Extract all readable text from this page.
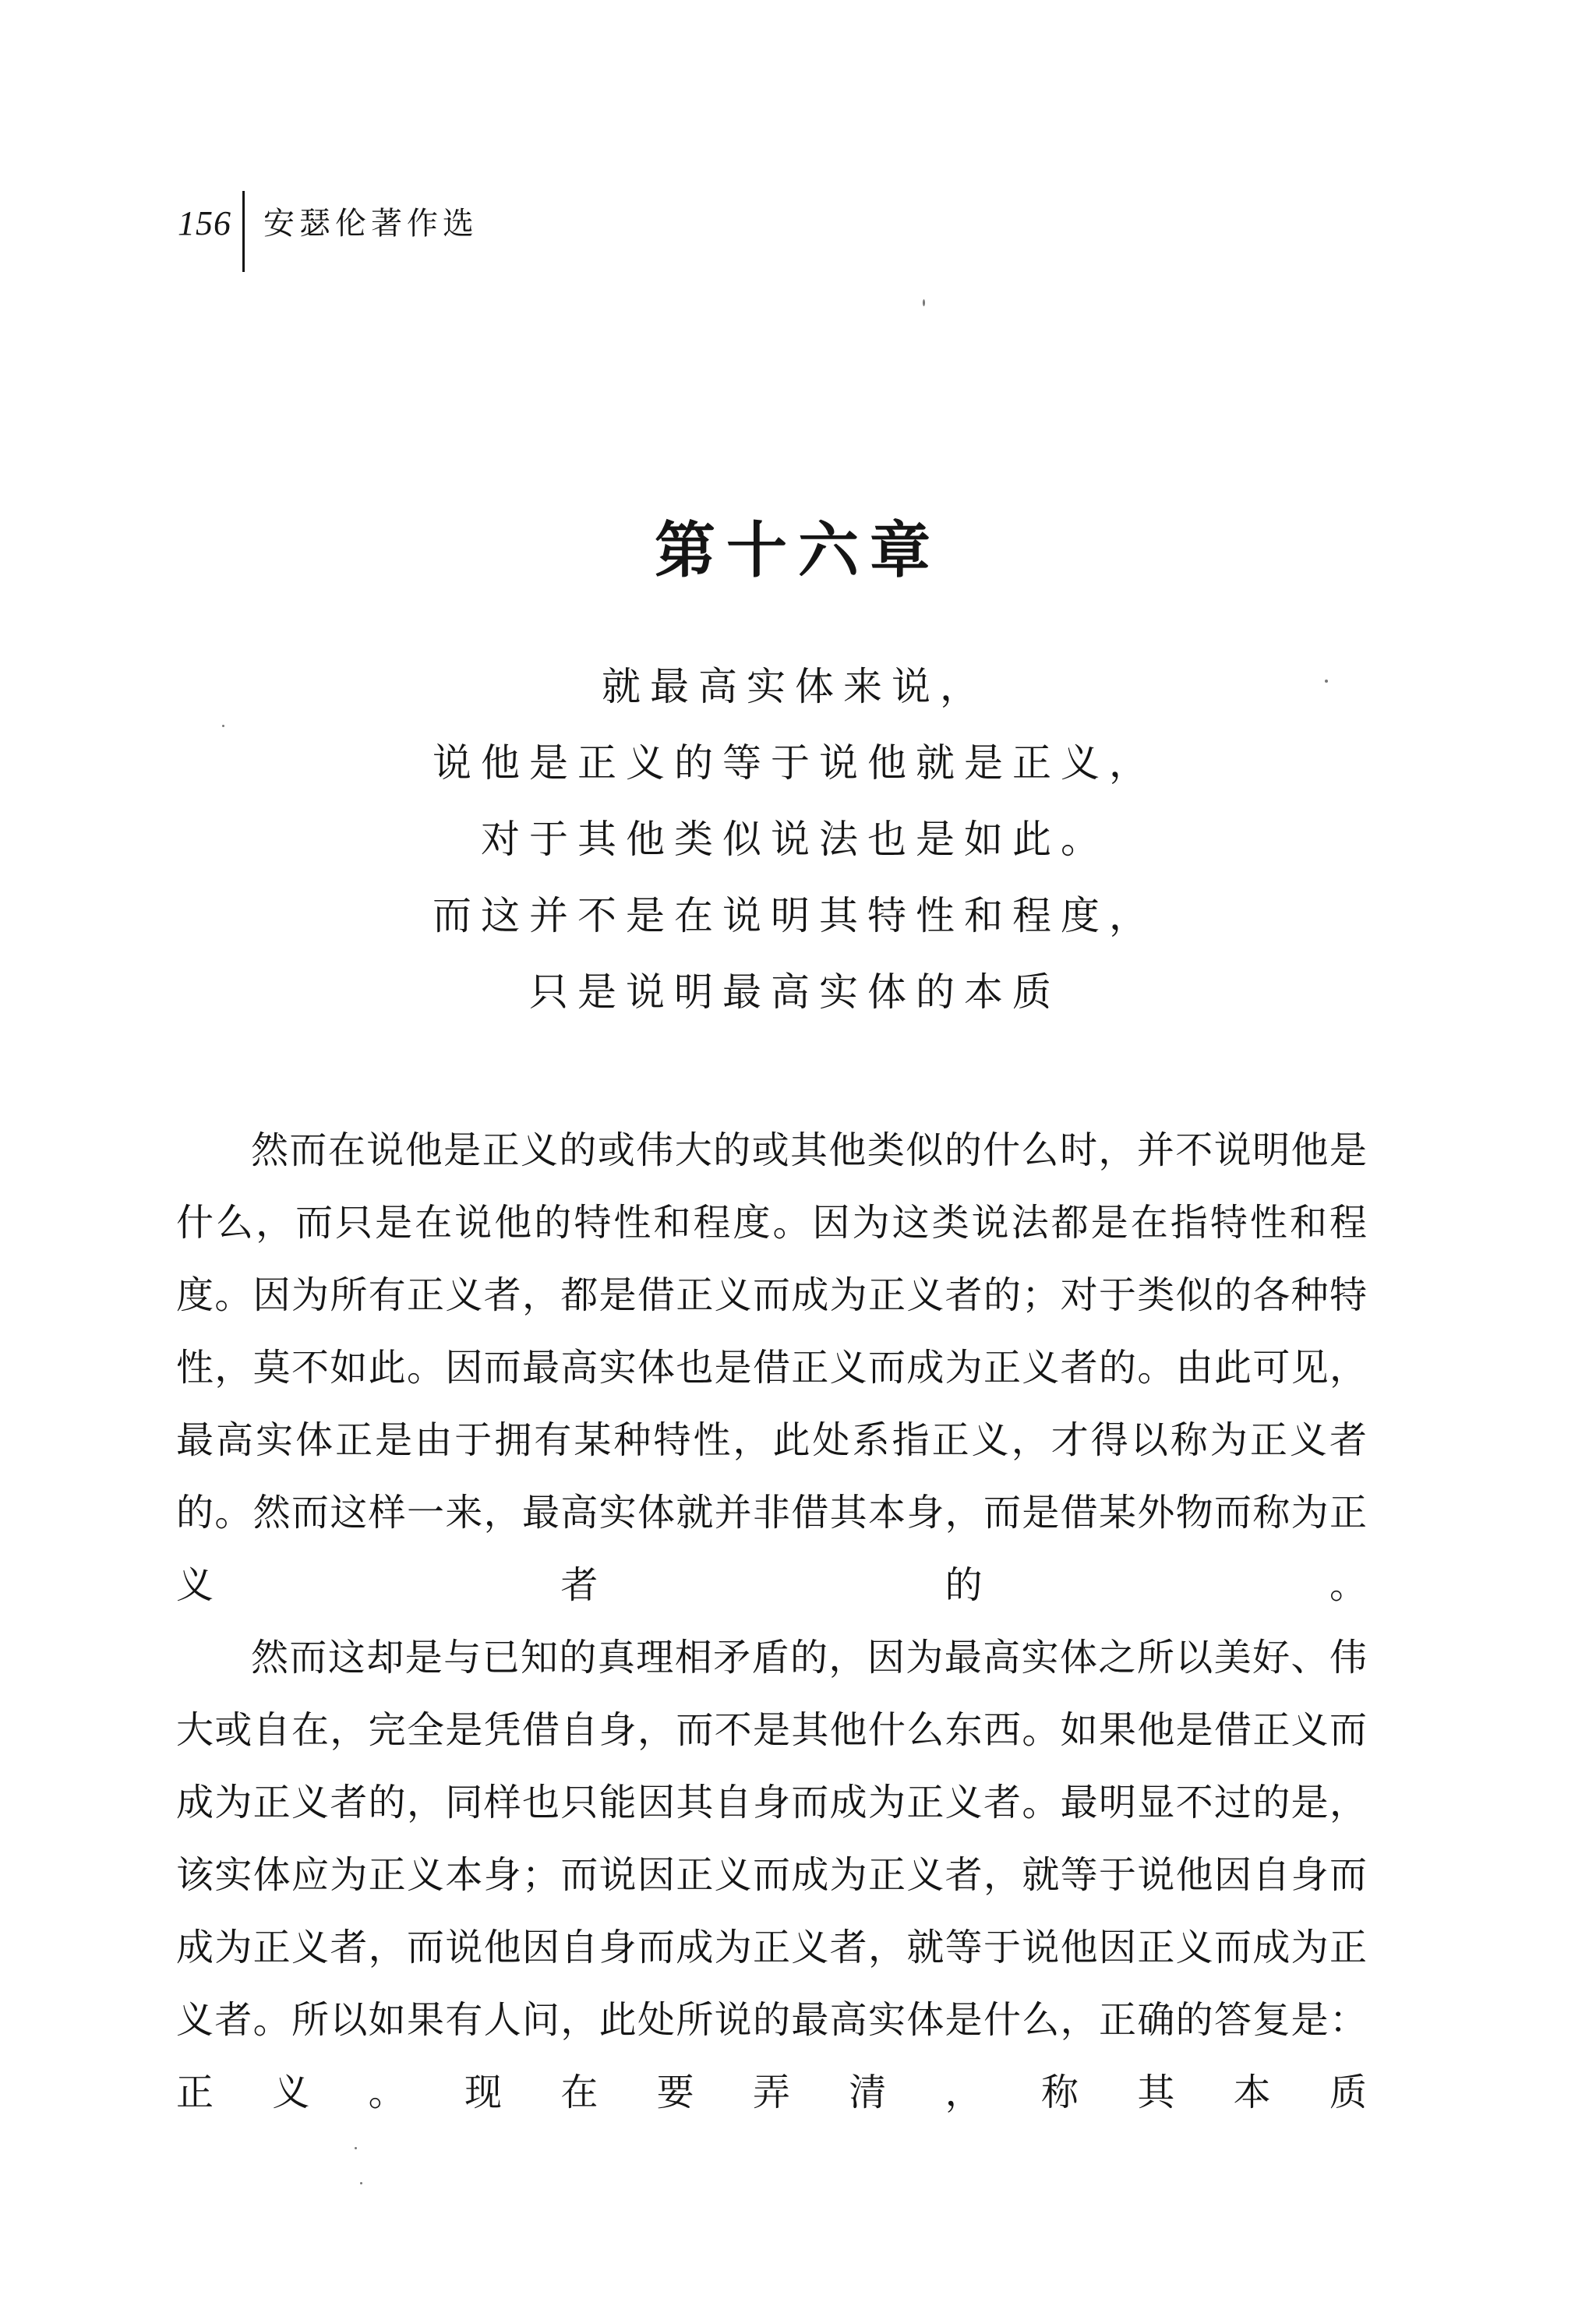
156 安瑟伦著作选
第十六章
就最高实体来说，
说他是正义的等于说他就是正义，
对于其他类似说法也是如此。
而这并不是在说明其特性和程度，
只是说明最高实体的本质

然而在说他是正义的或伟大的或其他类似的什么时，并不说明他是什么，而只是在说他的特性和程度。因为这类说法都是在指特性和程度。因为所有正义者，都是借正义而成为正义者的；对于类似的各种特性，莫不如此。因而最高实体也是借正义而成为正义者的。由此可见，最高实体正是由于拥有某种特性，此处系指正义，才得以称为正义者的。然而这样一来，最高实体就并非借其本身，而是借某外物而称为正义者的。

然而这却是与已知的真理相矛盾的，因为最高实体之所以美好、伟大或自在，完全是凭借自身，而不是其他什么东西。如果他是借正义而成为正义者的，同样也只能因其自身而成为正义者。最明显不过的是，该实体应为正义本身；而说因正义而成为正义者，就等于说他因自身而成为正义者，而说他因自身而成为正义者，就等于说他因正义而成为正义者。所以如果有人问，此处所说的最高实体是什么，正确的答复是：正义。现在要弄清，称其本质
